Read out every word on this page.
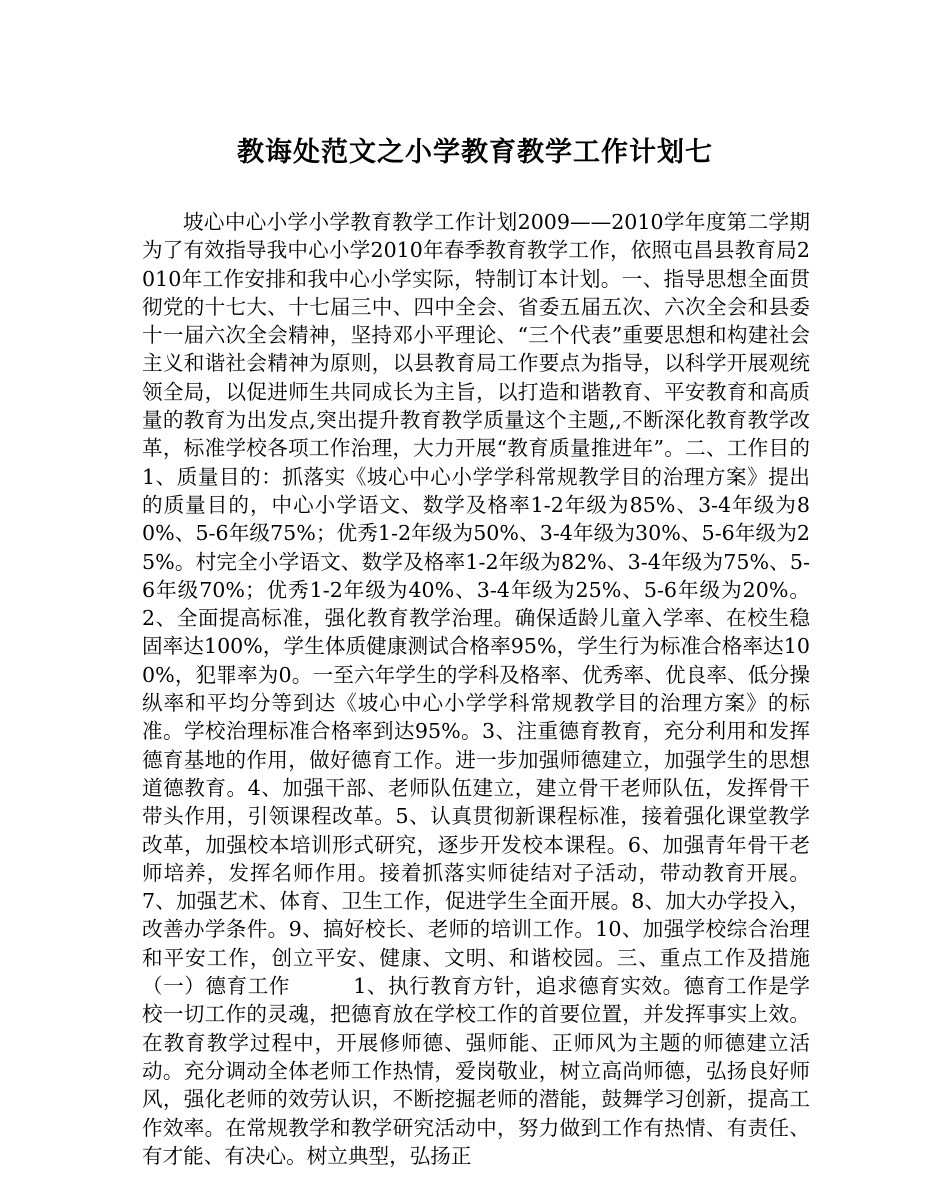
教诲处范文之小学教育教学工作计划七

坡心中心小学小学教育教学工作计划2009——2010学年度第二学期为了有效指导我中心小学2010年春季教育教学工作，依照屯昌县教育局2010年工作安排和我中心小学实际，特制订本计划。一、指导思想全面贯彻党的十七大、十七届三中、四中全会、省委五届五次、六次全会和县委十一届六次全会精神，坚持邓小平理论、“三个代表”重要思想和构建社会主义和谐社会精神为原则，以县教育局工作要点为指导，以科学开展观统领全局，以促进师生共同成长为主旨，以打造和谐教育、平安教育和高质量的教育为出发点,突出提升教育教学质量这个主题,,不断深化教育教学改革，标准学校各项工作治理，大力开展“教育质量推进年”。二、工作目的1、质量目的：抓落实《坡心中心小学学科常规教学目的治理方案》提出的质量目的，中心小学语文、数学及格率1-2年级为85%、3-4年级为80%、5-6年级75%；优秀1-2年级为50%、3-4年级为30%、5-6年级为25%。村完全小学语文、数学及格率1-2年级为82%、3-4年级为75%、5-6年级70%；优秀1-2年级为40%、3-4年级为25%、5-6年级为20%。2、全面提高标准，强化教育教学治理。确保适龄儿童入学率、在校生稳固率达100%，学生体质健康测试合格率95%，学生行为标准合格率达100%，犯罪率为0。一至六年学生的学科及格率、优秀率、优良率、低分操纵率和平均分等到达《坡心中心小学学科常规教学目的治理方案》的标准。学校治理标准合格率到达95%。3、注重德育教育，充分利用和发挥德育基地的作用，做好德育工作。进一步加强师德建立，加强学生的思想道德教育。4、加强干部、老师队伍建立，建立骨干老师队伍，发挥骨干带头作用，引领课程改革。5、认真贯彻新课程标准，接着强化课堂教学改革，加强校本培训形式研究，逐步开发校本课程。6、加强青年骨干老师培养，发挥名师作用。接着抓落实师徒结对子活动，带动教育开展。7、加强艺术、体育、卫生工作，促进学生全面开展。8、加大办学投入，改善办学条件。9、搞好校长、老师的培训工作。10、加强学校综合治理和平安工作，创立平安、健康、文明、和谐校园。三、重点工作及措施（一）德育工作　　　1、执行教育方针，追求德育实效。德育工作是学校一切工作的灵魂，把德育放在学校工作的首要位置，并发挥事实上效。在教育教学过程中，开展修师德、强师能、正师风为主题的师德建立活动。充分调动全体老师工作热情，爱岗敬业，树立高尚师德，弘扬良好师风，强化老师的效劳认识，不断挖掘老师的潜能，鼓舞学习创新，提高工作效率。在常规教学和教学研究活动中，努力做到工作有热情、有责任、有才能、有决心。树立典型，弘扬正
